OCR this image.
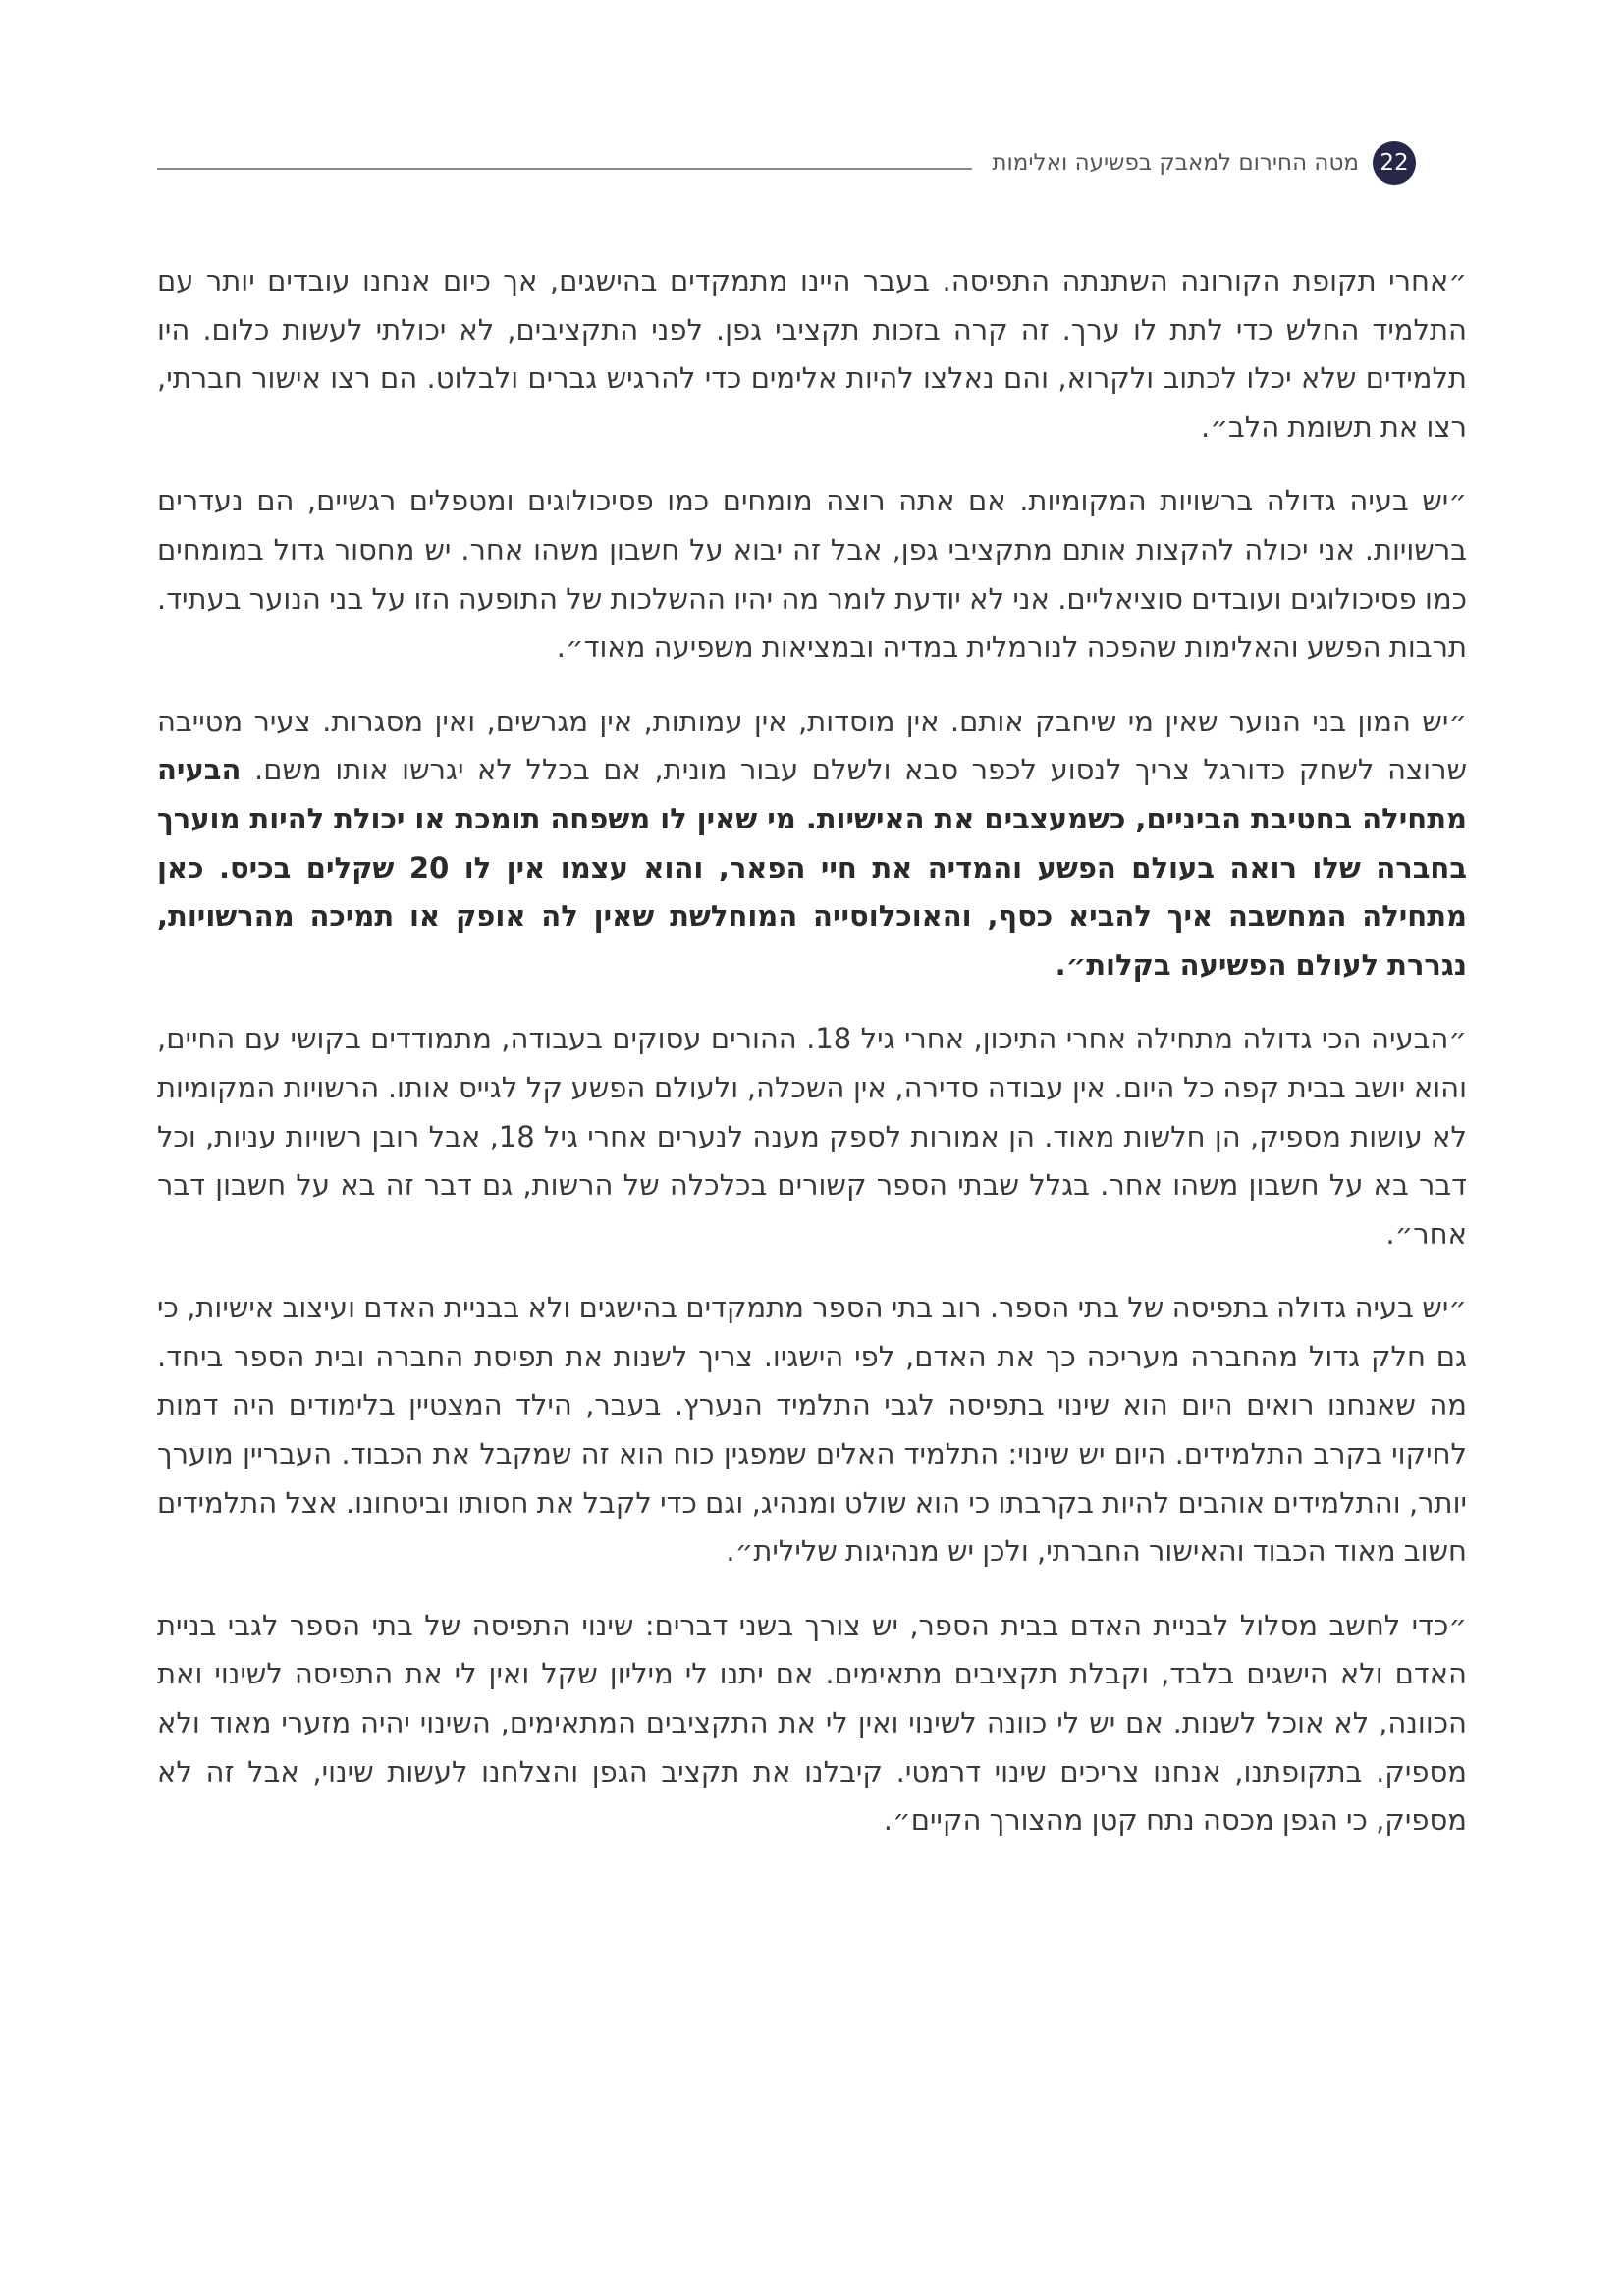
22
מטה החירום למאבק בפשיעה ואלימות

״אחרי תקופת הקורונה השתנתה התפיסה. בעבר היינו מתמקדים בהישגים, אך כיום אנחנו עובדים יותר עם התלמיד החלש כדי לתת לו ערך. זה קרה בזכות תקציבי גפן. לפני התקציבים, לא יכולתי לעשות כלום. היו תלמידים שלא יכלו לכתוב ולקרוא, והם נאלצו להיות אלימים כדי להרגיש גברים ולבלוט. הם רצו אישור חברתי, רצו את תשומת הלב״.

״יש בעיה גדולה ברשויות המקומיות. אם אתה רוצה מומחים כמו פסיכולוגים ומטפלים רגשיים, הם נעדרים ברשויות. אני יכולה להקצות אותם מתקציבי גפן, אבל זה יבוא על חשבון משהו אחר. יש מחסור גדול במומחים כמו פסיכולוגים ועובדים סוציאליים. אני לא יודעת לומר מה יהיו ההשלכות של התופעה הזו על בני הנוער בעתיד. תרבות הפשע והאלימות שהפכה לנורמלית במדיה ובמציאות משפיעה מאוד״.

״יש המון בני הנוער שאין מי שיחבק אותם. אין מוסדות, אין עמותות, אין מגרשים, ואין מסגרות. צעיר מטייבה שרוצה לשחק כדורגל צריך לנסוע לכפר סבא ולשלם עבור מונית, אם בכלל לא יגרשו אותו משם. הבעיה מתחילה בחטיבת הביניים, כשמעצבים את האישיות. מי שאין לו משפחה תומכת או יכולת להיות מוערך בחברה שלו רואה בעולם הפשע והמדיה את חיי הפאר, והוא עצמו אין לו 20 שקלים בכיס. כאן מתחילה המחשבה איך להביא כסף, והאוכלוסייה המוחלשת שאין לה אופק או תמיכה מהרשויות, נגררת לעולם הפשיעה בקלות״.

״הבעיה הכי גדולה מתחילה אחרי התיכון, אחרי גיל 18. ההורים עסוקים בעבודה, מתמודדים בקושי עם החיים, והוא יושב בבית קפה כל היום. אין עבודה סדירה, אין השכלה, ולעולם הפשע קל לגייס אותו. הרשויות המקומיות לא עושות מספיק, הן חלשות מאוד. הן אמורות לספק מענה לנערים אחרי גיל 18, אבל רובן רשויות עניות, וכל דבר בא על חשבון משהו אחר. בגלל שבתי הספר קשורים בכלכלה של הרשות, גם דבר זה בא על חשבון דבר אחר״.

״יש בעיה גדולה בתפיסה של בתי הספר. רוב בתי הספר מתמקדים בהישגים ולא בבניית האדם ועיצוב אישיות, כי גם חלק גדול מהחברה מעריכה כך את האדם, לפי הישגיו. צריך לשנות את תפיסת החברה ובית הספר ביחד. מה שאנחנו רואים היום הוא שינוי בתפיסה לגבי התלמיד הנערץ. בעבר, הילד המצטיין בלימודים היה דמות לחיקוי בקרב התלמידים. היום יש שינוי: התלמיד האלים שמפגין כוח הוא זה שמקבל את הכבוד. העבריין מוערך יותר, והתלמידים אוהבים להיות בקרבתו כי הוא שולט ומנהיג, וגם כדי לקבל את חסותו וביטחונו. אצל התלמידים חשוב מאוד הכבוד והאישור החברתי, ולכן יש מנהיגות שלילית״.

״כדי לחשב מסלול לבניית האדם בבית הספר, יש צורך בשני דברים: שינוי התפיסה של בתי הספר לגבי בניית האדם ולא הישגים בלבד, וקבלת תקציבים מתאימים. אם יתנו לי מיליון שקל ואין לי את התפיסה לשינוי ואת הכוונה, לא אוכל לשנות. אם יש לי כוונה לשינוי ואין לי את התקציבים המתאימים, השינוי יהיה מזערי מאוד ולא מספיק. בתקופתנו, אנחנו צריכים שינוי דרמטי. קיבלנו את תקציב הגפן והצלחנו לעשות שינוי, אבל זה לא מספיק, כי הגפן מכסה נתח קטן מהצורך הקיים״.
